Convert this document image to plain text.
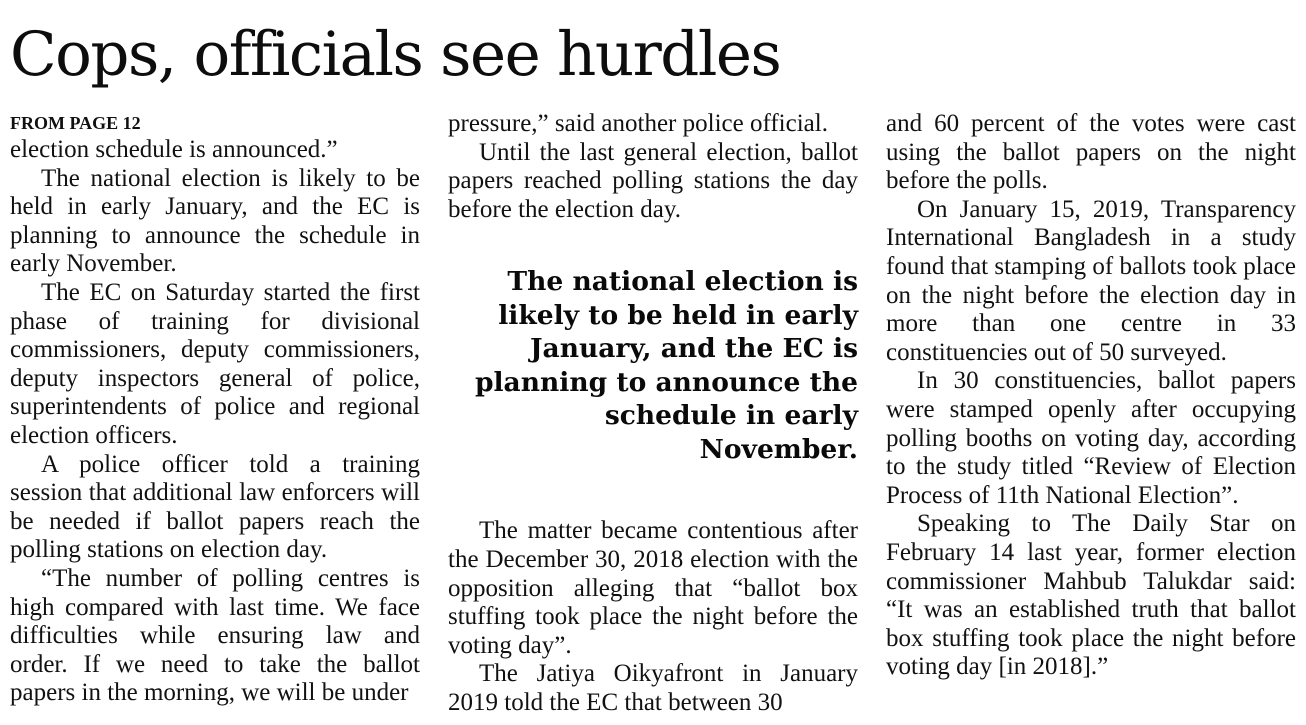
Cops, officials see hurdles
FROM PAGE 12

election schedule is announced.”

The national election is likely to be held in early January, and the EC is planning to announce the schedule in early November.

The EC on Saturday started the first phase of training for divisional commissioners, deputy commissioners, deputy inspectors general of police, superintendents of police and regional election officers.

A police officer told a training session that additional law enforcers will be needed if ballot papers reach the polling stations on election day.

“The number of polling centres is high compared with last time. We face difficulties while ensuring law and order. If we need to take the ballot papers in the morning, we will be under

pressure,” said another police official.

Until the last general election, ballot papers reached polling stations the day before the election day.

The national election is likely to be held in early January, and the EC is planning to announce the schedule in early November.

The matter became contentious after the December 30, 2018 election with the opposition alleging that “ballot box stuffing took place the night before the voting day”.

The Jatiya Oikyafront in January 2019 told the EC that between 30

and 60 percent of the votes were cast using the ballot papers on the night before the polls.

On January 15, 2019, Transparency International Bangladesh in a study found that stamping of ballots took place on the night before the election day in more than one centre in 33 constituencies out of 50 surveyed.

In 30 constituencies, ballot papers were stamped openly after occupying polling booths on voting day, according to the study titled “Review of Election Process of 11th National Election”.

Speaking to The Daily Star on February 14 last year, former election commissioner Mahbub Talukdar said: “It was an established truth that ballot box stuffing took place the night before voting day [in 2018].”
